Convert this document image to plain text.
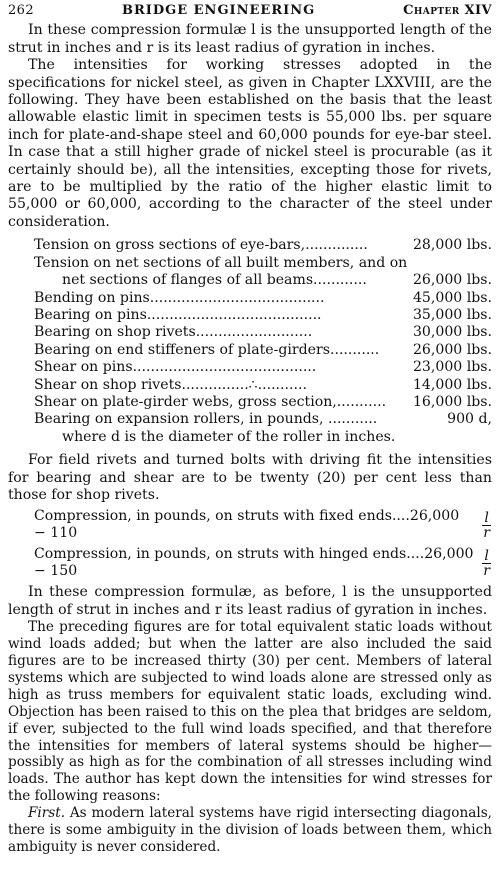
262	BRIDGE ENGINEERING	Chapter XIV

In these compression formulæ l is the unsupported length of the strut in inches and r is its least radius of gyration in inches.

The intensities for working stresses adopted in the specifications for nickel steel, as given in Chapter LXXVIII, are the following. They have been established on the basis that the least allowable elastic limit in specimen tests is 55,000 lbs. per square inch for plate-and-shape steel and 60,000 pounds for eye-bar steel. In case that a still higher grade of nickel steel is procurable (as it certainly should be), all the intensities, excepting those for rivets, are to be multiplied by the ratio of the higher elastic limit to 55,000 or 60,000, according to the character of the steel under consideration.

Tension on gross sections of eye-bars,..............	28,000 lbs.
Tension on net sections of all built members, and on
net sections of flanges of all beams............	26,000 lbs.
Bending on pins.......................................	45,000 lbs.
Bearing on pins.......................................	35,000 lbs.
Bearing on shop rivets..........................	30,000 lbs.
Bearing on end stiffeners of plate-girders...........	26,000 lbs.
Shear on pins.........................................	23,000 lbs.
Shear on shop rivets...............∴...........	14,000 lbs.
Shear on plate-girder webs, gross section,...........	16,000 lbs.
Bearing on expansion rollers, in pounds, ...........	900 d,
where d is the diameter of the roller in inches.

For field rivets and turned bolts with driving fit the intensities for bearing and shear are to be twenty (20) per cent less than those for shop rivets.

Compression, in pounds, on struts with fixed ends....26,000 − 110	$\frac{l}{r}$
Compression, in pounds, on struts with hinged ends....26,000 − 150	$\frac{l}{r}$

In these compression formulæ, as before, l is the unsupported length of strut in inches and r its least radius of gyration in inches.

The preceding figures are for total equivalent static loads without wind loads added; but when the latter are also included the said figures are to be increased thirty (30) per cent. Members of lateral systems which are subjected to wind loads alone are stressed only as high as truss members for equivalent static loads, excluding wind. Objection has been raised to this on the plea that bridges are seldom, if ever, subjected to the full wind loads specified, and that therefore the intensities for members of lateral systems should be higher—possibly as high as for the combination of all stresses including wind loads. The author has kept down the intensities for wind stresses for the following reasons:

First. As modern lateral systems have rigid intersecting diagonals, there is some ambiguity in the division of loads between them, which ambiguity is never considered.
